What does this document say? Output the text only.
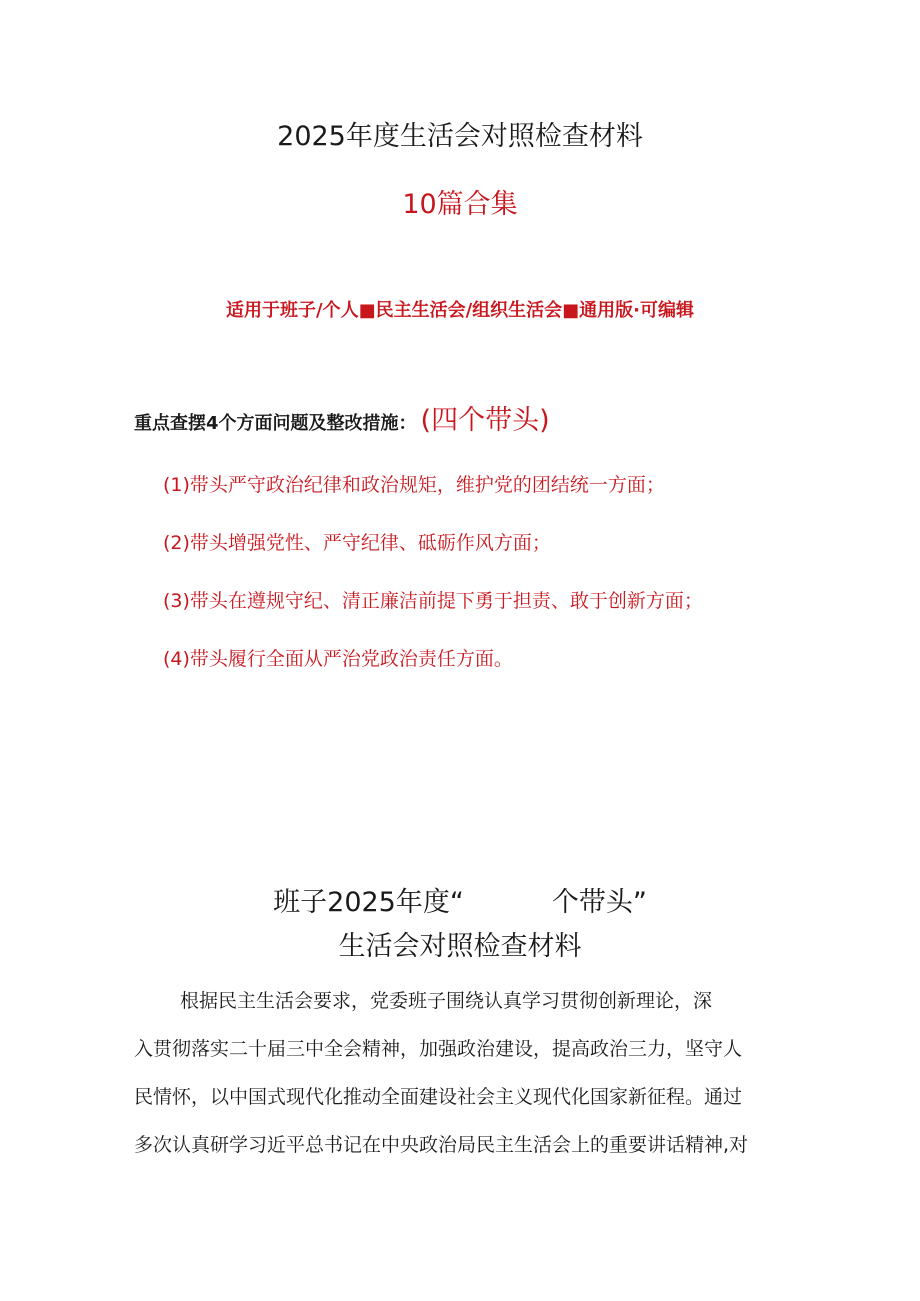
2025年度生活会对照检查材料
10篇合集
适用于班子/个人■民主生活会/组织生活会■通用版·可编辑
重点查摆4个方面问题及整改措施： (四个带头)
(1)带头严守政治纪律和政治规矩，维护党的团结统一方面；
(2)带头增强党性、严守纪律、砥砺作风方面；
(3)带头在遵规守纪、清正廉洁前提下勇于担责、敢于创新方面；
(4)带头履行全面从严治党政治责任方面。
班子2025年度“	个带头”
生活会对照检查材料
根据民主生活会要求，党委班子围绕认真学习贯彻创新理论，深
入贯彻落实二十届三中全会精神，加强政治建设，提高政治三力，坚守人
民情怀，以中国式现代化推动全面建设社会主义现代化国家新征程。通过
多次认真研学习近平总书记在中央政治局民主生活会上的重要讲话精神,对
